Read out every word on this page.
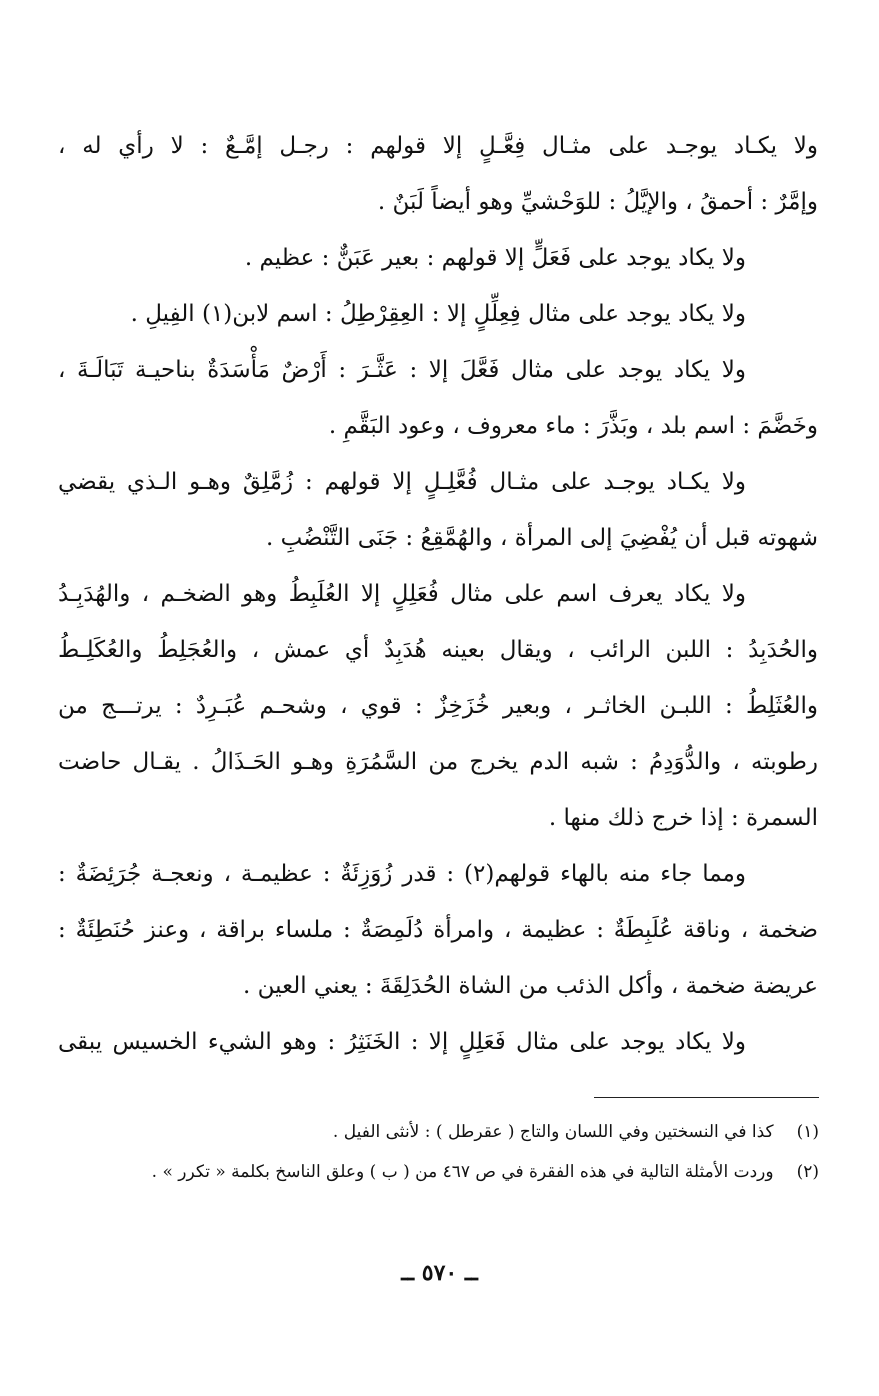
ولا يكـاد يوجـد على مثـال فِعَّـلٍ إلا قولهم : رجـل إمَّـعٌ : لا رأي له ،
وإمَّرٌ : أحمقُ ، والإيَّلُ : للوَحْشيِّ وهو أيضاً لَبَنٌ .
ولا يكاد يوجد على فَعَلٍّ إلا قولهم : بعير عَبَنٌّ : عظيم .
ولا يكاد يوجد على مثال فِعِلِّلٍ إلا : العِقِرْطِلُ : اسم لابن(١) الفِيلِ .
ولا يكاد يوجد على مثال فَعَّلَ إلا : عَثَّـرَ : أَرْضٌ مَأْسَدَةٌ بناحيـة تَبَالَـةَ ،
وخَضَّمَ : اسم بلد ، وبَذَّرَ : ماء معروف ، وعود البَقَّمِ .
ولا يكـاد يوجـد على مثـال فُعَّلِـلٍ إلا قولهم : زُمَّلِقٌ وهـو الـذي يقضي
شهوته قبل أن يُفْضِيَ إلى المرأة ، والهُمَّقِعُ : جَنَى التَّنْضُبِ .
ولا يكاد يعرف اسم على مثال فُعَلِلٍ إلا العُلَبِطُ وهو الضخـم ، والهُدَبِـدُ
والحُدَبِدُ : اللبن الرائب ، ويقال بعينه هُدَبِدٌ أي عمش ، والعُجَلِطُ والعُكَلِـطُ
والعُثَلِطُ : اللبـن الخاثـر ، وبعير خُزَخِزٌ : قوي ، وشحـم عُبَـرِدٌ : يرتـــج من
رطوبته ، والدُّوَدِمُ : شبه الدم يخرج من السَّمُرَةِ وهـو الحَـذَالُ . يقـال حاضت
السمرة : إذا خرج ذلك منها .
ومما جاء منه بالهاء قولهم(٢) : قدر زُوَزِئَةٌ : عظيمـة ، ونعجـة جُرَئِضَةٌ :
ضخمة ، وناقة عُلَبِطَةٌ : عظيمة ، وامرأة دُلَمِصَةٌ : ملساء براقة ، وعنز حُنَطِئَةٌ :
عريضة ضخمة ، وأكل الذئب من الشاة الحُدَلِقَةَ : يعني العين .
ولا يكاد يوجد على مثال فَعَلِلٍ إلا : الخَنَثِرُ : وهو الشيء الخسيس يبقى
(١) كذا في النسختين وفي اللسان والتاج ( عقرطل ) : لأنثى الفيل .
(٢) وردت الأمثلة التالية في هذه الفقرة في ص ٤٦٧ من ( ب ) وعلق الناسخ بكلمة « تكرر » .
ــ ٥٧٠ ــ
